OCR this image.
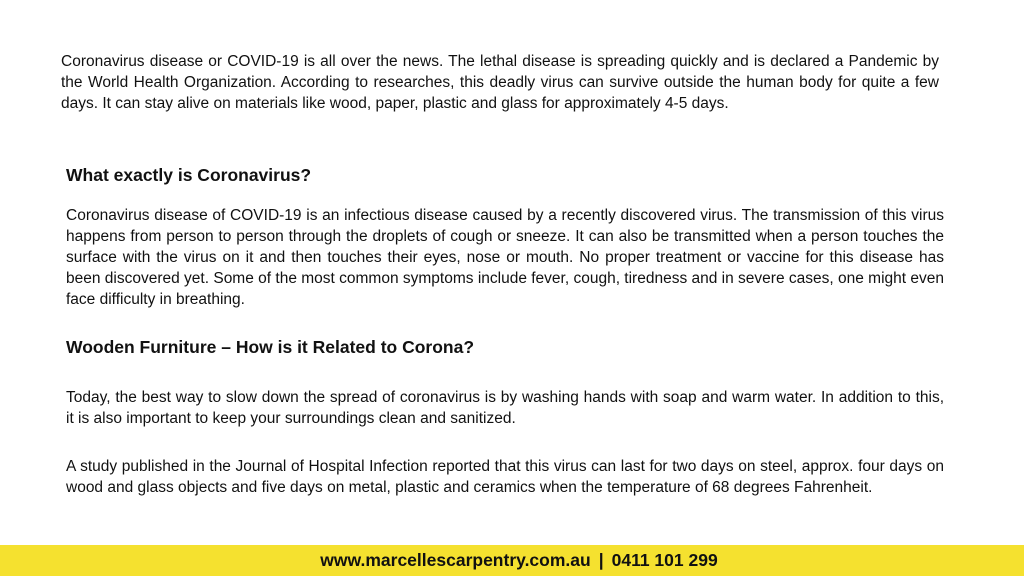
Coronavirus disease or COVID-19 is all over the news. The lethal disease is spreading quickly and is declared a Pandemic by the World Health Organization. According to researches, this deadly virus can survive outside the human body for quite a few days. It can stay alive on materials like wood, paper, plastic and glass for approximately 4-5 days.

What exactly is Coronavirus?

Coronavirus disease of COVID-19 is an infectious disease caused by a recently discovered virus. The transmission of this virus happens from person to person through the droplets of cough or sneeze. It can also be transmitted when a person touches the surface with the virus on it and then touches their eyes, nose or mouth. No proper treatment or vaccine for this disease has been discovered yet. Some of the most common symptoms include fever, cough, tiredness and in severe cases, one might even face difficulty in breathing.

Wooden Furniture – How is it Related to Corona?

Today, the best way to slow down the spread of coronavirus is by washing hands with soap and warm water. In addition to this, it is also important to keep your surroundings clean and sanitized.

A study published in the Journal of Hospital Infection reported that this virus can last for two days on steel, approx. four days on wood and glass objects and five days on metal, plastic and ceramics when the temperature of 68 degrees Fahrenheit.

www.marcellescarpentry.com.au | 0411 101 299
